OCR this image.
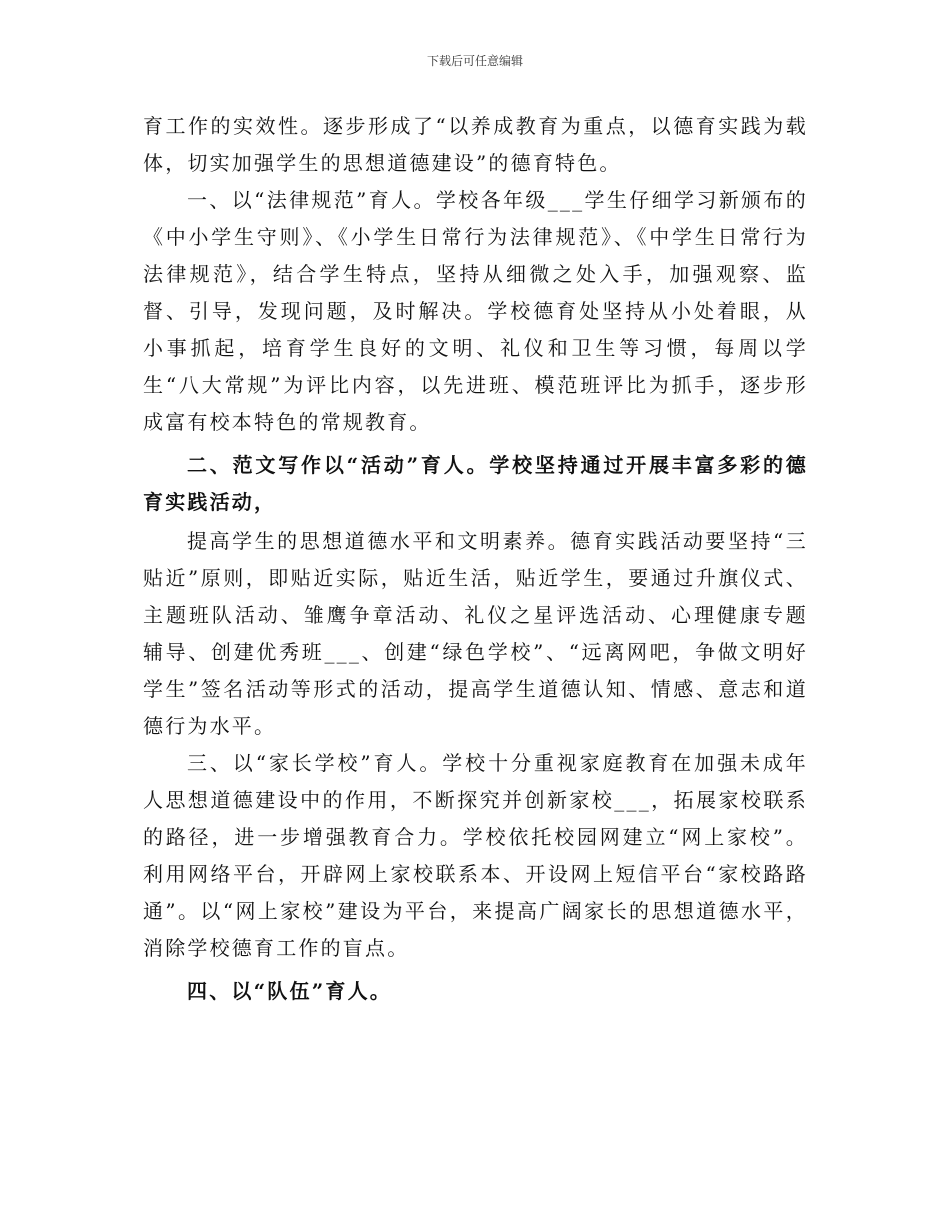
下载后可任意编辑

育工作的实效性。逐步形成了“以养成教育为重点，以德育实践为载体，切实加强学生的思想道德建设”的德育特色。

一、以“法律规范”育人。学校各年级___学生仔细学习新颁布的《中小学生守则》、《小学生日常行为法律规范》、《中学生日常行为法律规范》，结合学生特点，坚持从细微之处入手，加强观察、监督、引导，发现问题，及时解决。学校德育处坚持从小处着眼，从小事抓起，培育学生良好的文明、礼仪和卫生等习惯，每周以学生“八大常规”为评比内容，以先进班、模范班评比为抓手，逐步形成富有校本特色的常规教育。

二、范文写作以“活动”育人。学校坚持通过开展丰富多彩的德育实践活动，

提高学生的思想道德水平和文明素养。德育实践活动要坚持“三贴近”原则，即贴近实际，贴近生活，贴近学生，要通过升旗仪式、主题班队活动、雏鹰争章活动、礼仪之星评选活动、心理健康专题辅导、创建优秀班___、创建“绿色学校”、“远离网吧，争做文明好学生”签名活动等形式的活动，提高学生道德认知、情感、意志和道德行为水平。

三、以“家长学校”育人。学校十分重视家庭教育在加强未成年人思想道德建设中的作用，不断探究并创新家校___，拓展家校联系的路径，进一步增强教育合力。学校依托校园网建立“网上家校”。利用网络平台，开辟网上家校联系本、开设网上短信平台“家校路路通”。以“网上家校”建设为平台，来提高广阔家长的思想道德水平，消除学校德育工作的盲点。

四、以“队伍”育人。
